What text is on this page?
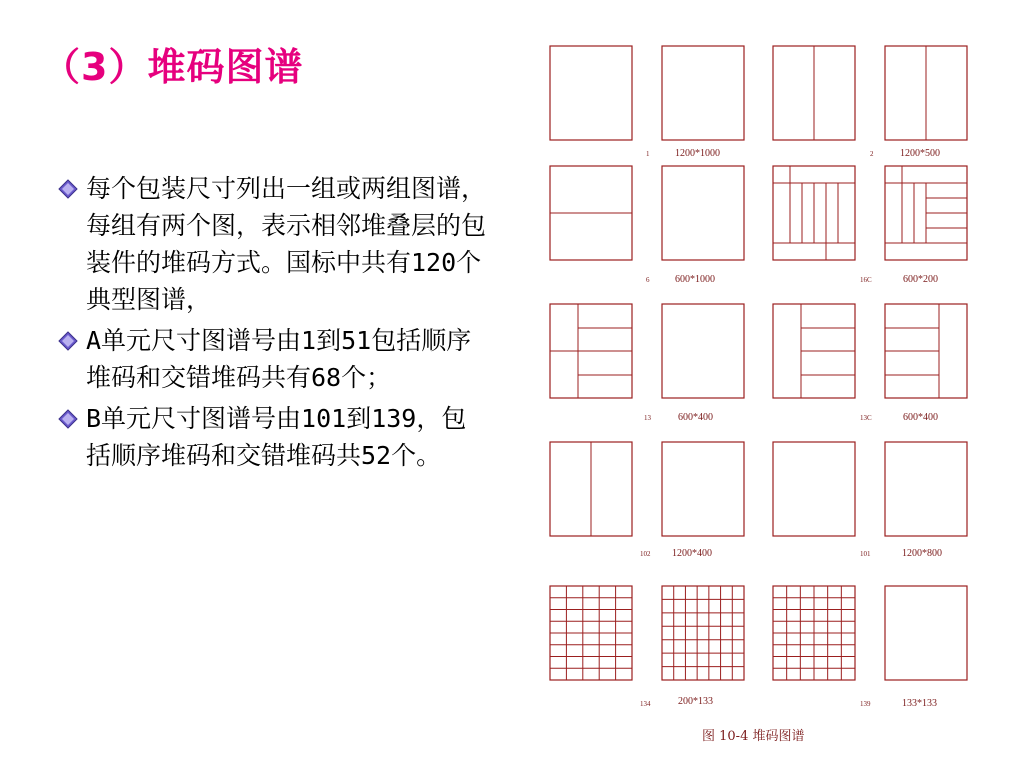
（3）堆码图谱
每个包装尺寸列出一组或两组图谱，每组有两个图，表示相邻堆叠层的包装件的堆码方式。国标中共有120个典型图谱，
A单元尺寸图谱号由1到51包括顺序堆码和交错堆码共有68个；
B单元尺寸图谱号由101到139，包括顺序堆码和交错堆码共52个。
1	1200*1000	2	1200*500
6	600*1000	16C	600*200
13	600*400	13C	600*400
102 1200*400	101	1200*800
134	200*133	139	133*133
图 10-4 堆码图谱
